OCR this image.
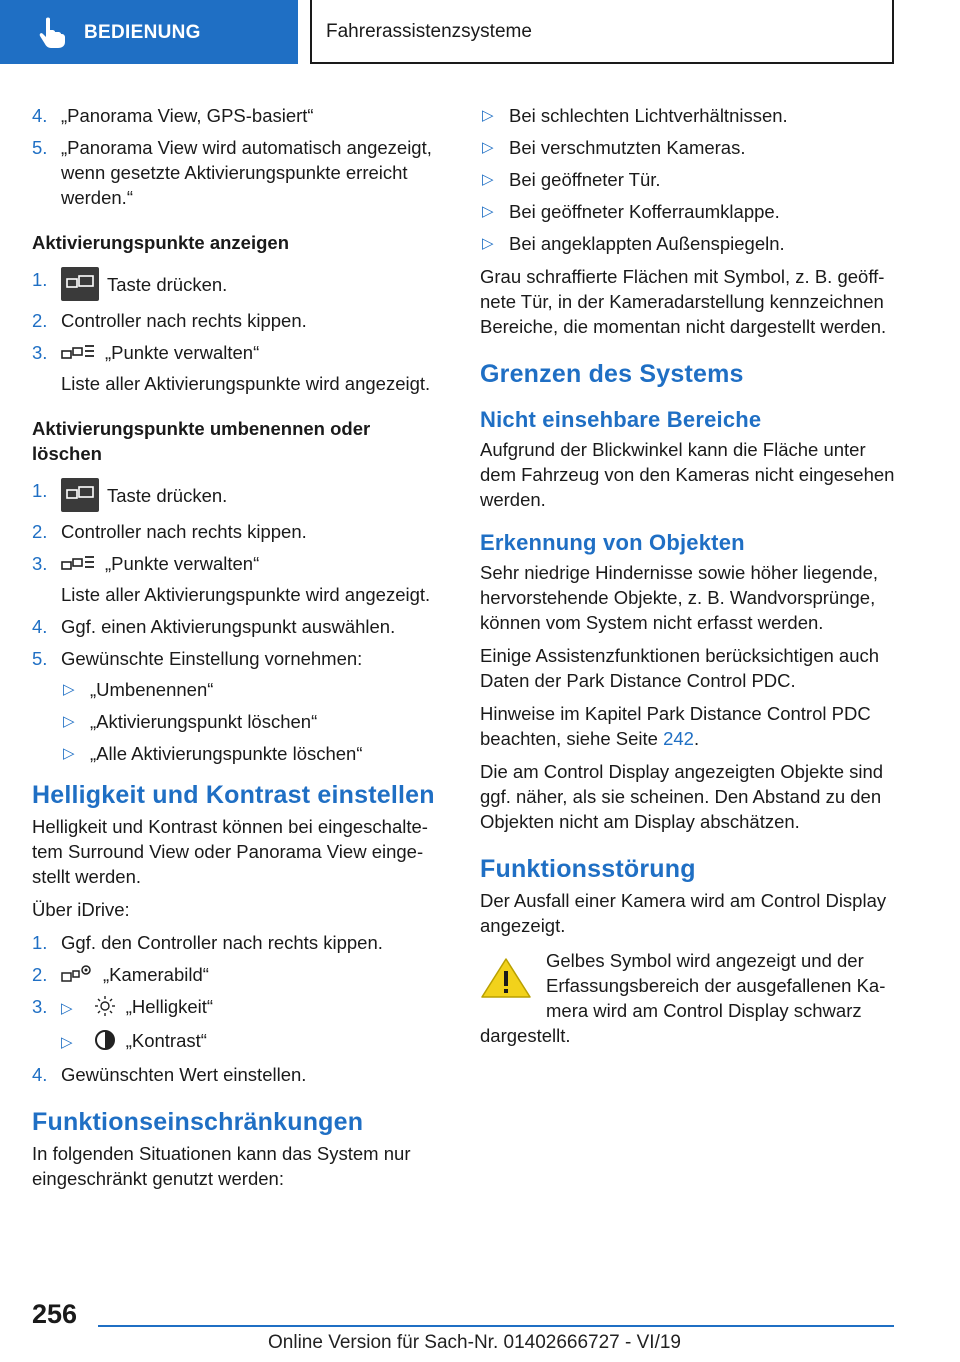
BEDIENUNG	Fahrerassistenzsysteme
4. „Panorama View, GPS-basiert“
5. „Panorama View wird automatisch angezeigt, wenn gesetzte Aktivierungspunkte erreicht werden.“
Aktivierungspunkte anzeigen
1.	Taste drücken.
2. Controller nach rechts kippen.
3.	„Punkte verwalten“
Liste aller Aktivierungspunkte wird angezeigt.
Aktivierungspunkte umbenennen oder löschen
1.	Taste drücken.
2. Controller nach rechts kippen.
3.	„Punkte verwalten“
Liste aller Aktivierungspunkte wird angezeigt.
4. Ggf. einen Aktivierungspunkt auswählen.
5. Gewünschte Einstellung vornehmen:
▷ „Umbenennen“
▷ „Aktivierungspunkt löschen“
▷ „Alle Aktivierungspunkte löschen“
Helligkeit und Kontrast einstellen

Helligkeit und Kontrast können bei eingeschaltetem Surround View oder Panorama View eingestellt werden.

Über iDrive:

1. Ggf. den Controller nach rechts kippen.
2.	„Kamerabild“
3. ▷	„Helligkeit“
▷	„Kontrast“
4. Gewünschten Wert einstellen.
Funktionseinschränkungen

In folgenden Situationen kann das System nur eingeschränkt genutzt werden:

▷ Bei schlechten Lichtverhältnissen.
▷ Bei verschmutzten Kameras.
▷ Bei geöffneter Tür.
▷ Bei geöffneter Kofferraumklappe.
▷ Bei angeklappten Außenspiegeln.

Grau schraffierte Flächen mit Symbol, z. B. geöffnete Tür, in der Kameradarstellung kennzeichnen Bereiche, die momentan nicht dargestellt werden.

Grenzen des Systems
Nicht einsehbare Bereiche

Aufgrund der Blickwinkel kann die Fläche unter dem Fahrzeug von den Kameras nicht eingesehen werden.

Erkennung von Objekten

Sehr niedrige Hindernisse sowie höher liegende, hervorstehende Objekte, z. B. Wandvorsprünge, können vom System nicht erfasst werden.

Einige Assistenzfunktionen berücksichtigen auch Daten der Park Distance Control PDC.

Hinweise im Kapitel Park Distance Control PDC beachten, siehe Seite 242.

Die am Control Display angezeigten Objekte sind ggf. näher, als sie scheinen. Den Abstand zu den Objekten nicht am Display abschätzen.

Funktionsstörung

Der Ausfall einer Kamera wird am Control Display angezeigt.

Gelbes Symbol wird angezeigt und der Erfassungsbereich der ausgefallenen Kamera wird am Control Display schwarz
dargestellt.
256
Online Version für Sach-Nr. 01402666727 - VI/19
